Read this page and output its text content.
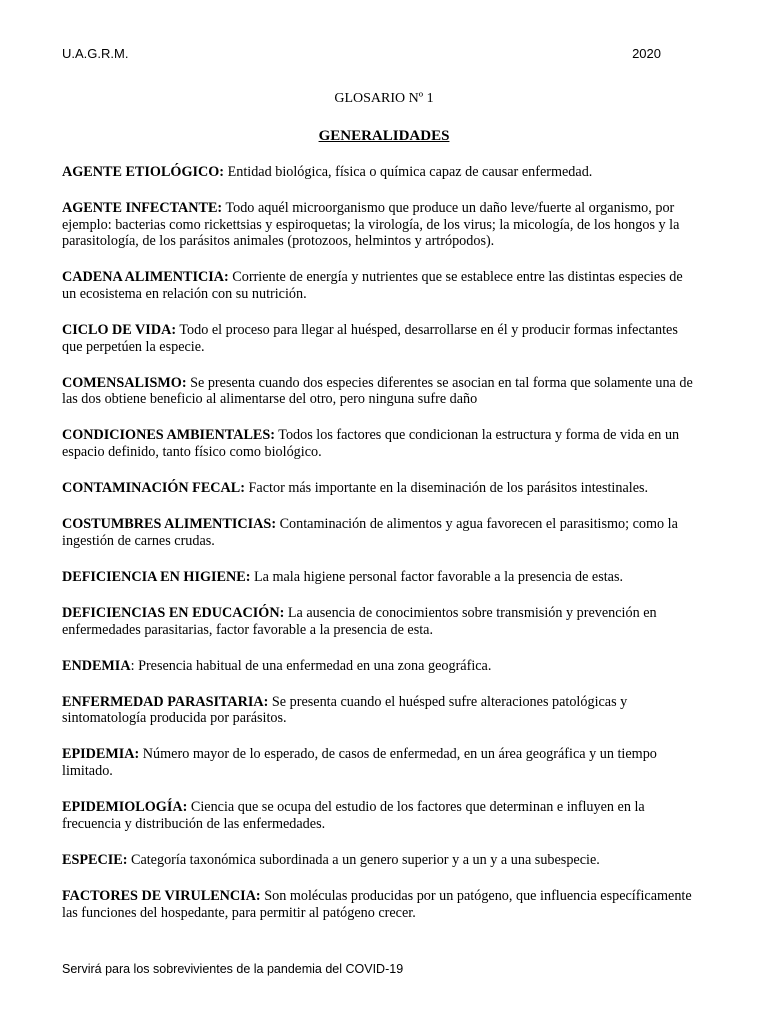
U.A.G.R.M.	2020
GLOSARIO Nº 1
GENERALIDADES
AGENTE ETIOLÓGICO: Entidad biológica, física o química capaz de causar enfermedad.
AGENTE INFECTANTE: Todo aquél microorganismo que produce un daño leve/fuerte al organismo, por ejemplo: bacterias como rickettsias y espiroquetas; la virología, de los virus; la micología, de los hongos y la parasitología, de los parásitos animales (protozoos, helmintos y artrópodos).
CADENA ALIMENTICIA: Corriente de energía y nutrientes que se establece entre las distintas especies de un ecosistema en relación con su nutrición.
CICLO DE VIDA: Todo el proceso para llegar al huésped, desarrollarse en él y producir formas infectantes que perpetúen la especie.
COMENSALISMO: Se presenta cuando dos especies diferentes se asocian en tal forma que solamente una de las dos obtiene beneficio al alimentarse del otro, pero ninguna sufre daño
CONDICIONES AMBIENTALES: Todos los factores que condicionan la estructura y forma de vida en un espacio definido, tanto físico como biológico.
CONTAMINACIÓN FECAL: Factor más importante en la diseminación de los parásitos intestinales.
COSTUMBRES ALIMENTICIAS: Contaminación de alimentos y agua favorecen el parasitismo; como la ingestión de carnes crudas.
DEFICIENCIA EN HIGIENE: La mala higiene personal factor favorable a la presencia de estas.
DEFICIENCIAS EN EDUCACIÓN: La ausencia de conocimientos sobre transmisión y prevención en enfermedades parasitarias, factor favorable a la presencia de esta.
ENDEMIA: Presencia habitual de una enfermedad en una zona geográfica.
ENFERMEDAD PARASITARIA: Se presenta cuando el huésped sufre alteraciones patológicas y sintomatología producida por parásitos.
EPIDEMIA: Número mayor de lo esperado, de casos de enfermedad, en un área geográfica y un tiempo limitado.
EPIDEMIOLOGÍA: Ciencia que se ocupa del estudio de los factores que determinan e influyen en la frecuencia y distribución de las enfermedades.
ESPECIE: Categoría taxonómica subordinada a un genero superior y a un y a una subespecie.
FACTORES DE VIRULENCIA: Son moléculas producidas por un patógeno, que influencia específicamente las funciones del hospedante, para permitir al patógeno crecer.
Servirá para los sobrevivientes de la pandemia del COVID-19
